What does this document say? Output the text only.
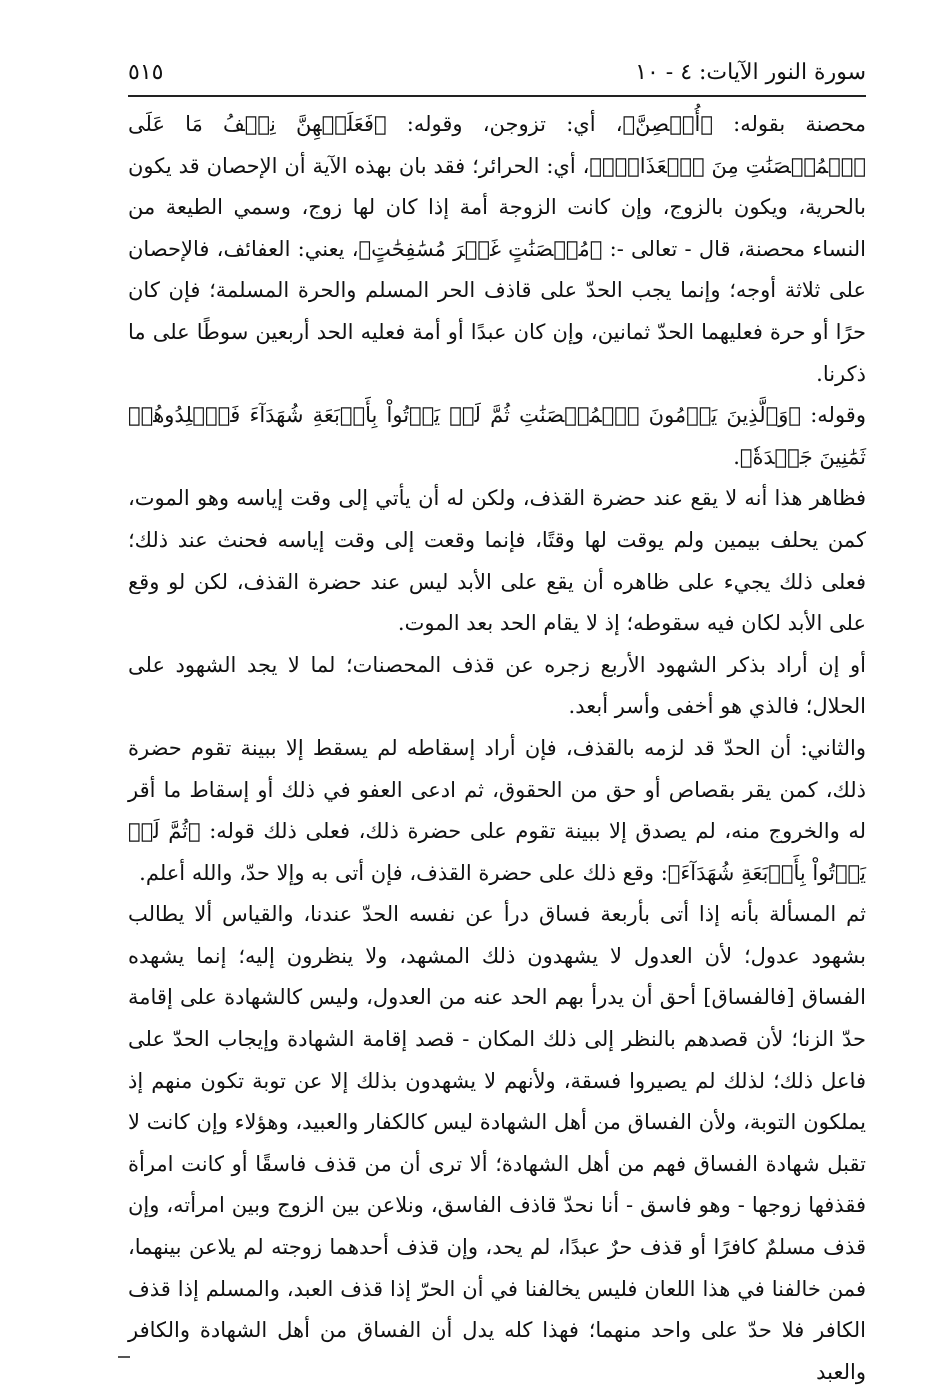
سورة النور الآيات: ٤ - ١٠
٥١٥

محصنة بقوله: ﴿أُحۡصِنَّ﴾، أي: تزوجن، وقوله: ﴿فَعَلَيۡهِنَّ نِصۡفُ مَا عَلَى ٱلۡمُحۡصَنَٰتِ مِنَ ٱلۡعَذَابِۚ﴾، أي: الحرائر؛ فقد بان بهذه الآية أن الإحصان قد يكون بالحرية، ويكون بالزوج، وإن كانت الزوجة أمة إذا كان لها زوج، وسمي الطيعة من النساء محصنة، قال - تعالى -: ﴿مُحۡصَنَٰتٍ غَيۡرَ مُسَٰفِحَٰتٍ﴾، يعني: العفائف، فالإحصان على ثلاثة أوجه؛ وإنما يجب الحدّ على قاذف الحر المسلم والحرة المسلمة؛ فإن كان حرًا أو حرة فعليهما الحدّ ثمانين، وإن كان عبدًا أو أمة فعليه الحد أربعين سوطًا على ما ذكرنا.

وقوله: ﴿وَٱلَّذِينَ يَرۡمُونَ ٱلۡمُحۡصَنَٰتِ ثُمَّ لَمۡ يَأۡتُواْ بِأَرۡبَعَةِ شُهَدَآءَ فَٱجۡلِدُوهُمۡ ثَمَٰنِينَ جَلۡدَةٗ﴾.

فظاهر هذا أنه لا يقع عند حضرة القذف، ولكن له أن يأتي إلى وقت إياسه وهو الموت، كمن يحلف بيمين ولم يوقت لها وقتًا، فإنما وقعت إلى وقت إياسه فحنث عند ذلك؛ فعلى ذلك يجيء على ظاهره أن يقع على الأبد ليس عند حضرة القذف، لكن لو وقع على الأبد لكان فيه سقوطه؛ إذ لا يقام الحد بعد الموت.

أو إن أراد بذكر الشهود الأربع زجره عن قذف المحصنات؛ لما لا يجد الشهود على الحلال؛ فالذي هو أخفى وأسر أبعد.

والثاني: أن الحدّ قد لزمه بالقذف، فإن أراد إسقاطه لم يسقط إلا ببينة تقوم حضرة ذلك، كمن يقر بقصاص أو حق من الحقوق، ثم ادعى العفو في ذلك أو إسقاط ما أقر له والخروج منه، لم يصدق إلا ببينة تقوم على حضرة ذلك، فعلى ذلك قوله: ﴿ثُمَّ لَمۡ يَأۡتُواْ بِأَرۡبَعَةِ شُهَدَآءَ﴾: وقع ذلك على حضرة القذف، فإن أتى به وإلا حدّ، والله أعلم.

ثم المسألة بأنه إذا أتى بأربعة فساق درأ عن نفسه الحدّ عندنا، والقياس ألا يطالب بشهود عدول؛ لأن العدول لا يشهدون ذلك المشهد، ولا ينظرون إليه؛ إنما يشهده الفساق [فالفساق] أحق أن يدرأ بهم الحد عنه من العدول، وليس كالشهادة على إقامة حدّ الزنا؛ لأن قصدهم بالنظر إلى ذلك المكان - قصد إقامة الشهادة وإيجاب الحدّ على فاعل ذلك؛ لذلك لم يصيروا فسقة، ولأنهم لا يشهدون بذلك إلا عن توبة تكون منهم إذ يملكون التوبة، ولأن الفساق من أهل الشهادة ليس كالكفار والعبيد، وهؤلاء وإن كانت لا تقبل شهادة الفساق فهم من أهل الشهادة؛ ألا ترى أن من قذف فاسقًا أو كانت امرأة فقذفها زوجها - وهو فاسق - أنا نحدّ قاذف الفاسق، ونلاعن بين الزوج وبين امرأته، وإن قذف مسلمٌ كافرًا أو قذف حرٌ عبدًا، لم يحد، وإن قذف أحدهما زوجته لم يلاعن بينهما، فمن خالفنا في هذا اللعان فليس يخالفنا في أن الحرّ إذا قذف العبد، والمسلم إذا قذف الكافر فلا حدّ على واحد منهما؛ فهذا كله يدل أن الفساق من أهل الشهادة والكافر والعبد
